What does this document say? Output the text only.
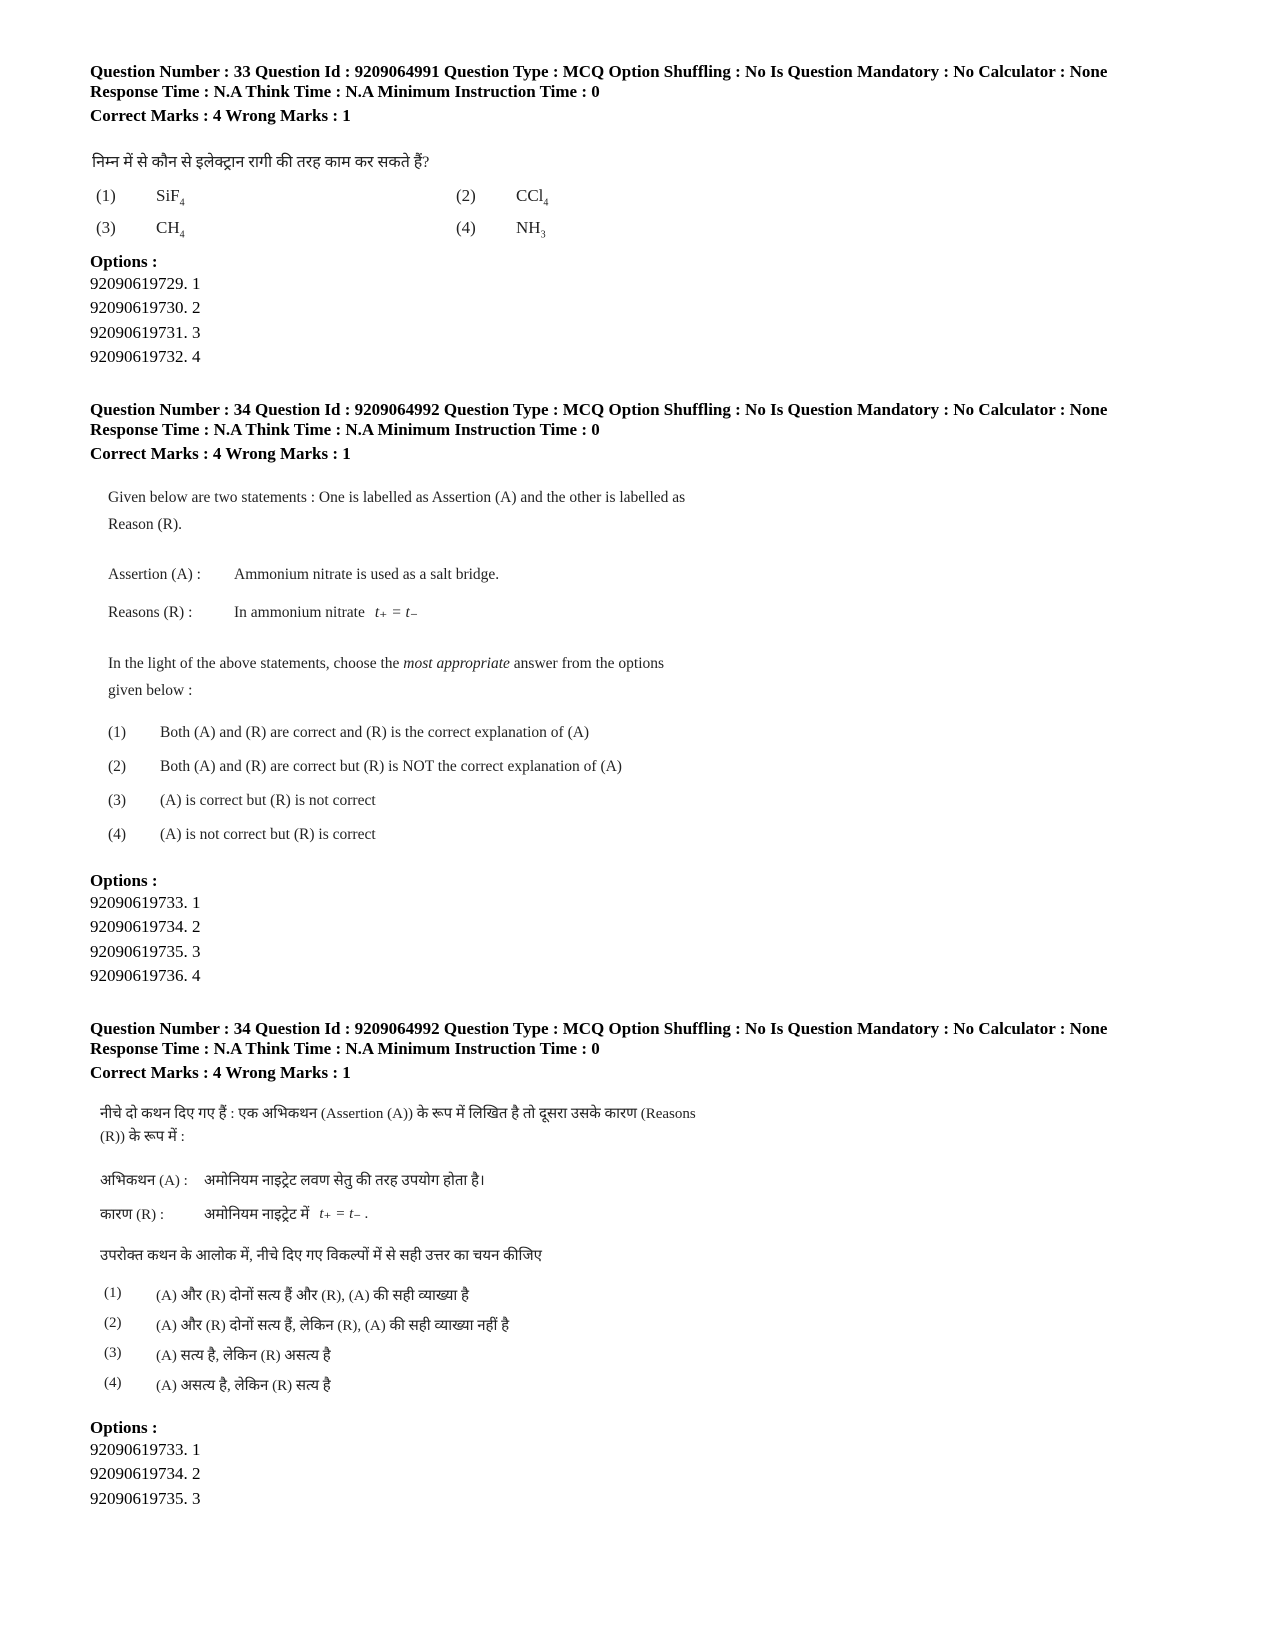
Question Number : 33 Question Id : 9209064991 Question Type : MCQ Option Shuffling : No Is Question Mandatory : No Calculator : None
Response Time : N.A Think Time : N.A Minimum Instruction Time : 0
Correct Marks : 4 Wrong Marks : 1
निम्न में से कौन से इलेक्ट्रान रागी की तरह काम कर सकते हैं?
(1)	SiF$_4$	(2)	CCl$_4$
(3)	$CH_4$	(4)	$NH_3$
Options :
92090619729. 1
92090619730. 2
92090619731. 3
92090619732. 4
Question Number : 34 Question Id : 9209064992 Question Type : MCQ Option Shuffling : No Is Question Mandatory : No Calculator : None
Response Time : N.A Think Time : N.A Minimum Instruction Time : 0
Correct Marks : 4 Wrong Marks : 1
Given below are two statements : One is labelled as Assertion (A) and the other is labelled as
Reason (R).
Assertion (A) :	Ammonium nitrate is used as a salt bridge.
Reasons (R) :	In ammonium nitrate t₊ = t₋
In the light of the above statements, choose the most appropriate answer from the options
given below :
(1)	Both (A) and (R) are correct and (R) is the correct explanation of (A)
(2)	Both (A) and (R) are correct but (R) is NOT the correct explanation of (A)
(3)	(A) is correct but (R) is not correct
(4)	(A) is not correct but (R) is correct
Options :
92090619733. 1
92090619734. 2
92090619735. 3
92090619736. 4
Question Number : 34 Question Id : 9209064992 Question Type : MCQ Option Shuffling : No Is Question Mandatory : No Calculator : None
Response Time : N.A Think Time : N.A Minimum Instruction Time : 0
Correct Marks : 4 Wrong Marks : 1
नीचे दो कथन दिए गए हैं : एक अभिकथन (Assertion (A)) के रूप में लिखित है तो दूसरा उसके कारण (Reasons
(R)) के रूप में :
अभिकथन (A) :	अमोनियम नाइट्रेट लवण सेतु की तरह उपयोग होता है।
कारण (R) :	अमोनियम नाइट्रेट में t₊ = t₋ .
उपरोक्त कथन के आलोक में, नीचे दिए गए विकल्पों में से सही उत्तर का चयन कीजिए
(1)	(A) और (R) दोनों सत्य हैं और (R), (A) की सही व्याख्या है
(2)	(A) और (R) दोनों सत्य हैं, लेकिन (R), (A) की सही व्याख्या नहीं है
(3)	(A) सत्य है, लेकिन (R) असत्य है
(4)	(A) असत्य है, लेकिन (R) सत्य है
Options :
92090619733. 1
92090619734. 2
92090619735. 3
